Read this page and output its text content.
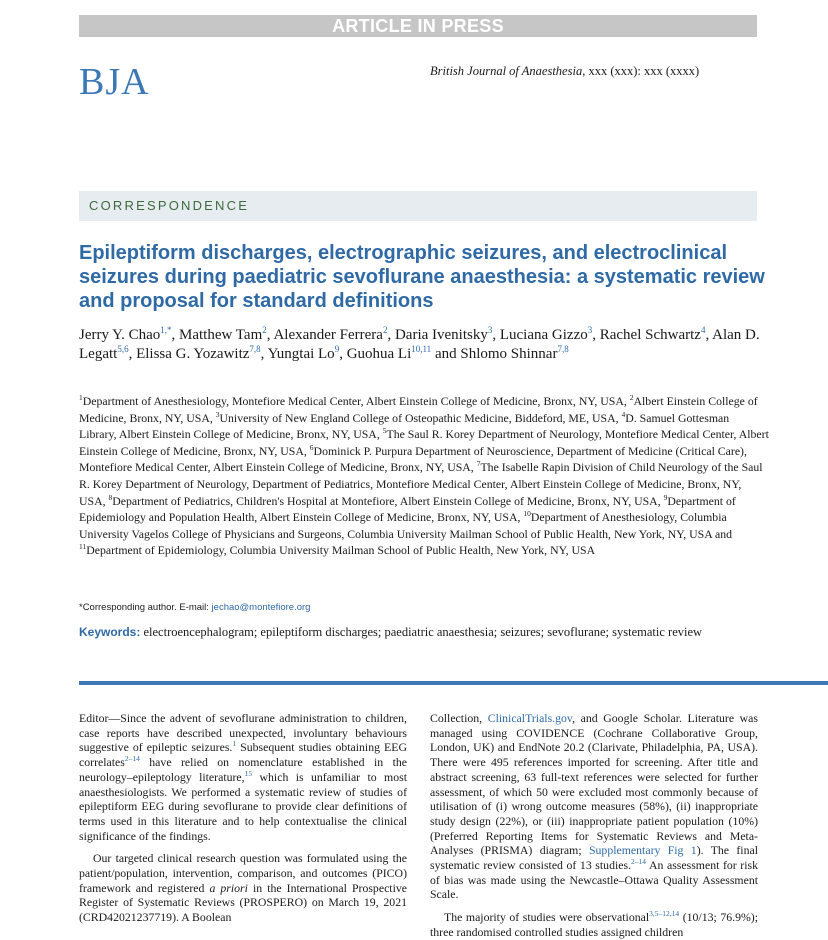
ARTICLE IN PRESS
BJA	British Journal of Anaesthesia, xxx (xxx): xxx (xxxx)
CORRESPONDENCE
Epileptiform discharges, electrographic seizures, and electroclinical seizures during paediatric sevoflurane anaesthesia: a systematic review and proposal for standard definitions
Jerry Y. Chao$^{1,*}$, Matthew Tam$^2$, Alexander Ferrera$^2$, Daria Ivenitsky$^3$, Luciana Gizzo$^3$, Rachel Schwartz$^4$, Alan D. Legatt$^{5,6}$, Elissa G. Yozawitz$^{7,8}$, Yungtai Lo$^9$, Guohua Li$^{10,11}$ and Shlomo Shinnar$^{7,8}$
$^1$Department of Anesthesiology, Montefiore Medical Center, Albert Einstein College of Medicine, Bronx, NY, USA, $^2$Albert Einstein College of Medicine, Bronx, NY, USA, $^3$University of New England College of Osteopathic Medicine, Biddeford, ME, USA, $^4$D. Samuel Gottesman Library, Albert Einstein College of Medicine, Bronx, NY, USA, $^5$The Saul R. Korey Department of Neurology, Montefiore Medical Center, Albert Einstein College of Medicine, Bronx, NY, USA, $^6$Dominick P. Purpura Department of Neuroscience, Department of Medicine (Critical Care), Montefiore Medical Center, Albert Einstein College of Medicine, Bronx, NY, USA, $^7$The Isabelle Rapin Division of Child Neurology of the Saul R. Korey Department of Neurology, Department of Pediatrics, Montefiore Medical Center, Albert Einstein College of Medicine, Bronx, NY, USA, $^8$Department of Pediatrics, Children's Hospital at Montefiore, Albert Einstein College of Medicine, Bronx, NY, USA, $^9$Department of Epidemiology and Population Health, Albert Einstein College of Medicine, Bronx, NY, USA, $^{10}$Department of Anesthesiology, Columbia University Vagelos College of Physicians and Surgeons, Columbia University Mailman School of Public Health, New York, NY, USA and $^{11}$Department of Epidemiology, Columbia University Mailman School of Public Health, New York, NY, USA
*Corresponding author. E-mail: jechao@montefiore.org
Keywords: electroencephalogram; epileptiform discharges; paediatric anaesthesia; seizures; sevoflurane; systematic review

Editor—Since the advent of sevoflurane administration to children, case reports have described unexpected, involuntary behaviours suggestive of epileptic seizures.$^1$ Subsequent studies obtaining EEG correlates$^{2-14}$ have relied on nomenclature established in the neurology–epileptology literature,$^{15}$ which is unfamiliar to most anaesthesiologists. We performed a systematic review of studies of epileptiform EEG during sevoflurane to provide clear definitions of terms used in this literature and to help contextualise the clinical significance of the findings.

Our targeted clinical research question was formulated using the patient/population, intervention, comparison, and outcomes (PICO) framework and registered a priori in the International Prospective Register of Systematic Reviews (PROSPERO) on March 19, 2021 (CRD42021237719). A Boolean

Collection, ClinicalTrials.gov, and Google Scholar. Literature was managed using COVIDENCE (Cochrane Collaborative Group, London, UK) and EndNote 20.2 (Clarivate, Philadelphia, PA, USA). There were 495 references imported for screening. After title and abstract screening, 63 full-text references were selected for further assessment, of which 50 were excluded most commonly because of utilisation of (i) wrong outcome measures (58%), (ii) inappropriate study design (22%), or (iii) inappropriate patient population (10%) (Preferred Reporting Items for Systematic Reviews and Meta-Analyses (PRISMA) diagram; Supplementary Fig 1). The final systematic review consisted of 13 studies.$^{2-14}$ An assessment for risk of bias was made using the Newcastle–Ottawa Quality Assessment Scale.

The majority of studies were observational$^{3,5-12,14}$ (10/13; 76.9%); three randomised controlled studies assigned children
